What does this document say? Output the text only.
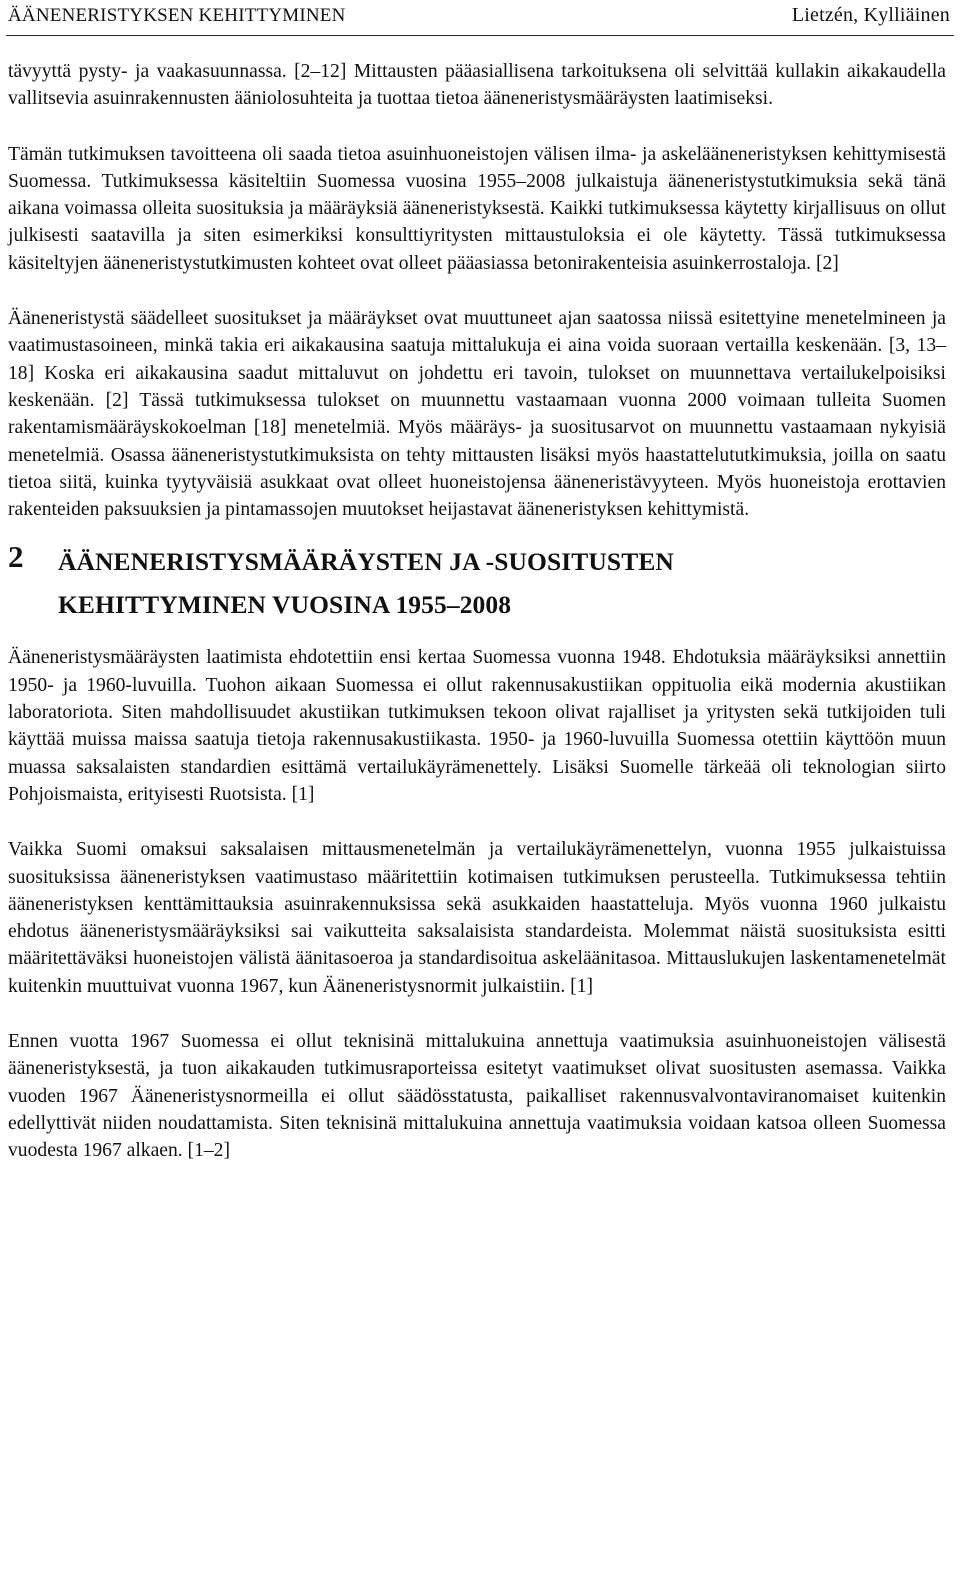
ÄÄNENERISTYKSEN KEHITTYMINEN	Lietzén, Kylliäinen

tävyyttä pysty- ja vaakasuunnassa. [2–12] Mittausten pääasiallisena tarkoituksena oli selvittää kullakin aikakaudella vallitsevia asuinrakennusten ääniolosuhteita ja tuottaa tietoa ääneneristysmääräysten laatimiseksi.

Tämän tutkimuksen tavoitteena oli saada tietoa asuinhuoneistojen välisen ilma- ja askelääneneristyksen kehittymisestä Suomessa. Tutkimuksessa käsiteltiin Suomessa vuosina 1955–2008 julkaistuja ääneneristystutkimuksia sekä tänä aikana voimassa olleita suosituksia ja määräyksiä ääneneristyksestä. Kaikki tutkimuksessa käytetty kirjallisuus on ollut julkisesti saatavilla ja siten esimerkiksi konsulttiyritysten mittaustuloksia ei ole käytetty. Tässä tutkimuksessa käsiteltyjen ääneneristystutkimusten kohteet ovat olleet pääasiassa betonirakenteisia asuinkerrostaloja. [2]

Ääneneristystä säädelleet suositukset ja määräykset ovat muuttuneet ajan saatossa niissä esitettyine menetelmineen ja vaatimustasoineen, minkä takia eri aikakausina saatuja mittalukuja ei aina voida suoraan vertailla keskenään. [3, 13–18] Koska eri aikakausina saadut mittaluvut on johdettu eri tavoin, tulokset on muunnettava vertailukelpoisiksi keskenään. [2] Tässä tutkimuksessa tulokset on muunnettu vastaamaan vuonna 2000 voimaan tulleita Suomen rakentamismääräyskokoelman [18] menetelmiä. Myös määräys- ja suositusarvot on muunnettu vastaamaan nykyisiä menetelmiä. Osassa ääneneristystutkimuksista on tehty mittausten lisäksi myös haastattelututkimuksia, joilla on saatu tietoa siitä, kuinka tyytyväisiä asukkaat ovat olleet huoneistojensa ääneneristävyyteen. Myös huoneistoja erottavien rakenteiden paksuuksien ja pintamassojen muutokset heijastavat ääneneristyksen kehittymistä.

2	ÄÄNENERISTYSMÄÄRÄYSTEN JA -SUOSITUSTEN
KEHITTYMINEN VUOSINA 1955–2008

Ääneneristysmääräysten laatimista ehdotettiin ensi kertaa Suomessa vuonna 1948. Ehdotuksia määräyksiksi annettiin 1950- ja 1960-luvuilla. Tuohon aikaan Suomessa ei ollut rakennusakustiikan oppituolia eikä modernia akustiikan laboratoriota. Siten mahdollisuudet akustiikan tutkimuksen tekoon olivat rajalliset ja yritysten sekä tutkijoiden tuli käyttää muissa maissa saatuja tietoja rakennusakustiikasta. 1950- ja 1960-luvuilla Suomessa otettiin käyttöön muun muassa saksalaisten standardien esittämä vertailukäyrämenettely. Lisäksi Suomelle tärkeää oli teknologian siirto Pohjoismaista, erityisesti Ruotsista. [1]

Vaikka Suomi omaksui saksalaisen mittausmenetelmän ja vertailukäyrämenettelyn, vuonna 1955 julkaistuissa suosituksissa ääneneristyksen vaatimustaso määritettiin kotimaisen tutkimuksen perusteella. Tutkimuksessa tehtiin ääneneristyksen kenttämittauksia asuinrakennuksissa sekä asukkaiden haastatteluja. Myös vuonna 1960 julkaistu ehdotus ääneneristysmääräyksiksi sai vaikutteita saksalaisista standardeista. Molemmat näistä suosituksista esitti määritettäväksi huoneistojen välistä äänitasoeroa ja standardisoitua askeläänitasoa. Mittauslukujen laskentamenetelmät kuitenkin muuttuivat vuonna 1967, kun Ääneneristysnormit julkaistiin. [1]

Ennen vuotta 1967 Suomessa ei ollut teknisinä mittalukuina annettuja vaatimuksia asuinhuoneistojen välisestä ääneneristyksestä, ja tuon aikakauden tutkimusraporteissa esitetyt vaatimukset olivat suositusten asemassa. Vaikka vuoden 1967 Ääneneristysnormeilla ei ollut säädösstatusta, paikalliset rakennusvalvontaviranomaiset kuitenkin edellyttivät niiden noudattamista. Siten teknisinä mittalukuina annettuja vaatimuksia voidaan katsoa olleen Suomessa vuodesta 1967 alkaen. [1–2]
